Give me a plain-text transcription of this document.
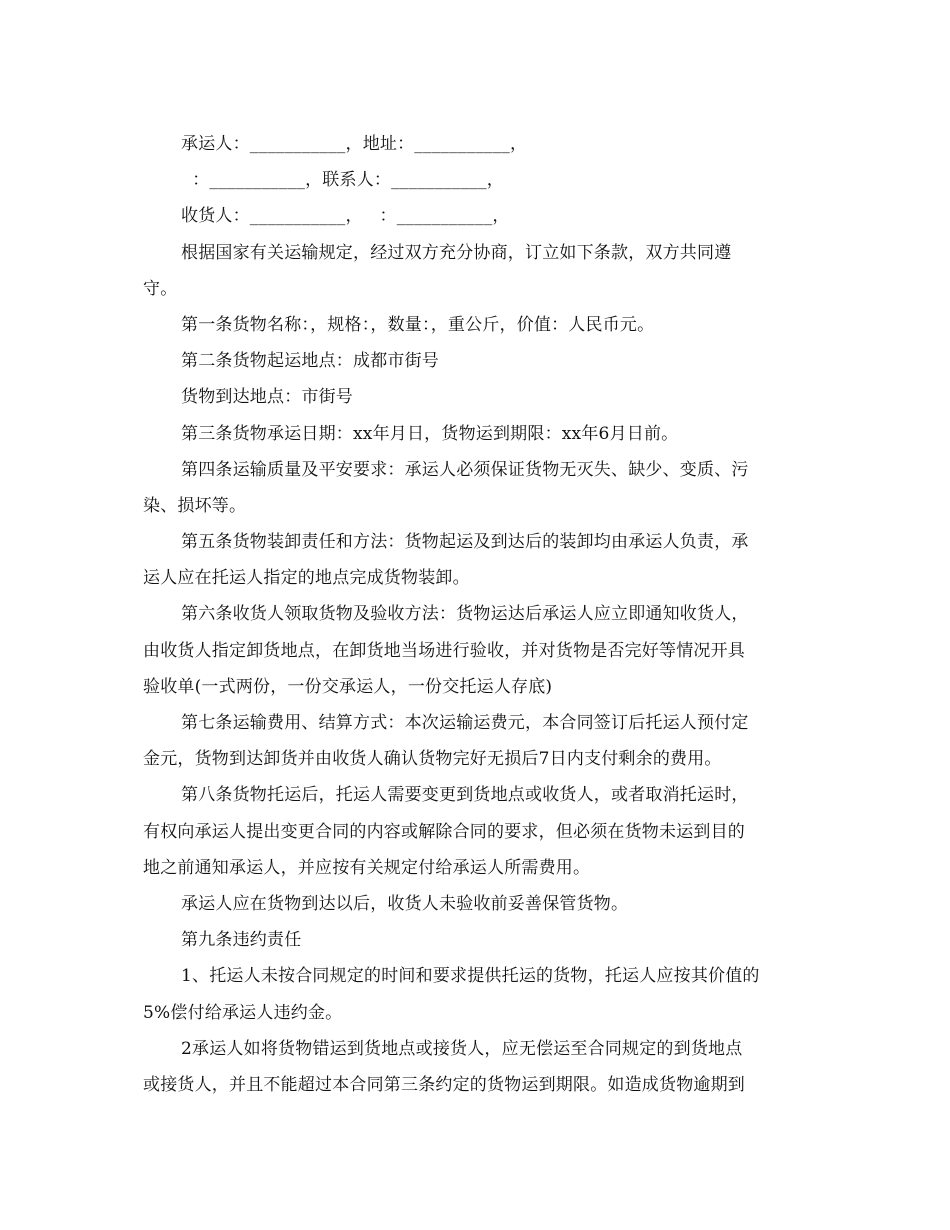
承运人：___________，地址：___________，
：___________，联系人：___________，
收货人：___________，   ：___________，
根据国家有关运输规定，经过双方充分协商，订立如下条款，双方共同遵
守。
第一条货物名称：，规格：，数量：，重公斤，价值：人民币元。
第二条货物起运地点：成都市街号
货物到达地点：市街号
第三条货物承运日期：xx年月日，货物运到期限：xx年6月日前。
第四条运输质量及平安要求：承运人必须保证货物无灭失、缺少、变质、污
染、损坏等。
第五条货物装卸责任和方法：货物起运及到达后的装卸均由承运人负责，承
运人应在托运人指定的地点完成货物装卸。
第六条收货人领取货物及验收方法：货物运达后承运人应立即通知收货人，
由收货人指定卸货地点，在卸货地当场进行验收，并对货物是否完好等情况开具
验收单(一式两份，一份交承运人，一份交托运人存底)
第七条运输费用、结算方式：本次运输运费元，本合同签订后托运人预付定
金元，货物到达卸货并由收货人确认货物完好无损后7日内支付剩余的费用。
第八条货物托运后，托运人需要变更到货地点或收货人，或者取消托运时，
有权向承运人提出变更合同的内容或解除合同的要求，但必须在货物未运到目的
地之前通知承运人，并应按有关规定付给承运人所需费用。
承运人应在货物到达以后，收货人未验收前妥善保管货物。
第九条违约责任
1、托运人未按合同规定的时间和要求提供托运的货物，托运人应按其价值的
5%偿付给承运人违约金。
2承运人如将货物错运到货地点或接货人，应无偿运至合同规定的到货地点
或接货人，并且不能超过本合同第三条约定的货物运到期限。如造成货物逾期到
